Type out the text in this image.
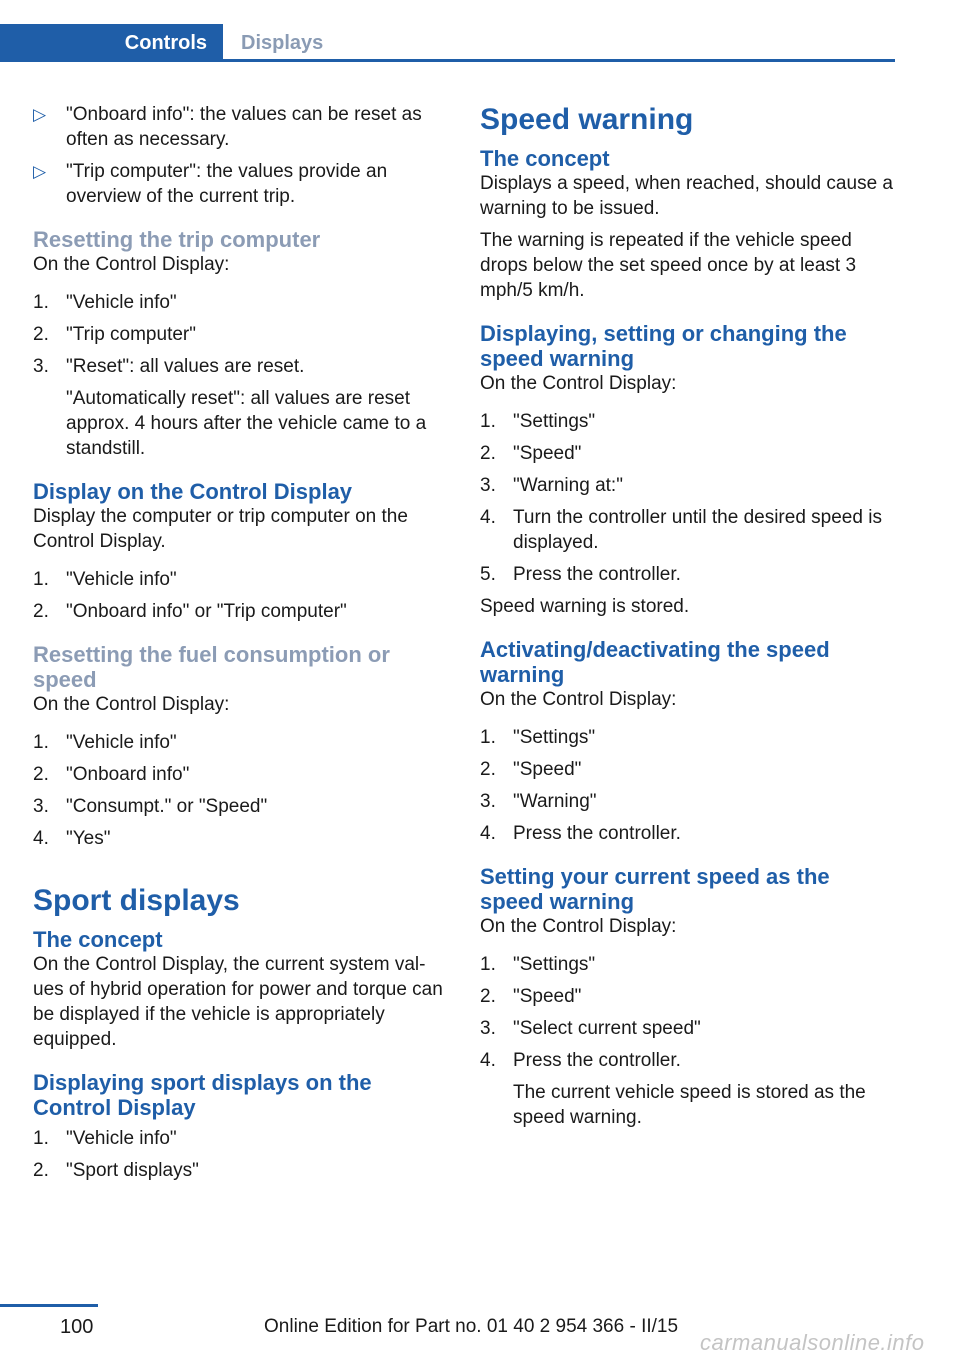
Controls	Displays
▷ "Onboard info": the values can be reset as often as necessary.
▷ "Trip computer": the values provide an overview of the current trip.
Resetting the trip computer

On the Control Display:

1. "Vehicle info"
2. "Trip computer"
3. "Reset": all values are reset.
"Automatically reset": all values are reset approx. 4 hours after the vehicle came to a standstill.
Display on the Control Display

Display the computer or trip computer on the Control Display.

1. "Vehicle info"
2. "Onboard info" or "Trip computer"
Resetting the fuel consumption or speed

On the Control Display:

1. "Vehicle info"
2. "Onboard info"
3. "Consumpt." or "Speed"
4. "Yes"
Sport displays
The concept

On the Control Display, the current system val‐ues of hybrid operation for power and torque can be displayed if the vehicle is appropriately equipped.

Displaying sport displays on the Control Display
1. "Vehicle info"
2. "Sport displays"
Speed warning
The concept

Displays a speed, when reached, should cause a warning to be issued.

The warning is repeated if the vehicle speed drops below the set speed once by at least 3 mph/5 km/h.

Displaying, setting or changing the speed warning

On the Control Display:

1. "Settings"
2. "Speed"
3. "Warning at:"
4. Turn the controller until the desired speed is displayed.
5. Press the controller.

Speed warning is stored.

Activating/deactivating the speed warning

On the Control Display:

1. "Settings"
2. "Speed"
3. "Warning"
4. Press the controller.
Setting your current speed as the speed warning

On the Control Display:

1. "Settings"
2. "Speed"
3. "Select current speed"
4. Press the controller.
The current vehicle speed is stored as the speed warning.
100	Online Edition for Part no. 01 40 2 954 366 - II/15
carmanualsonline.info
